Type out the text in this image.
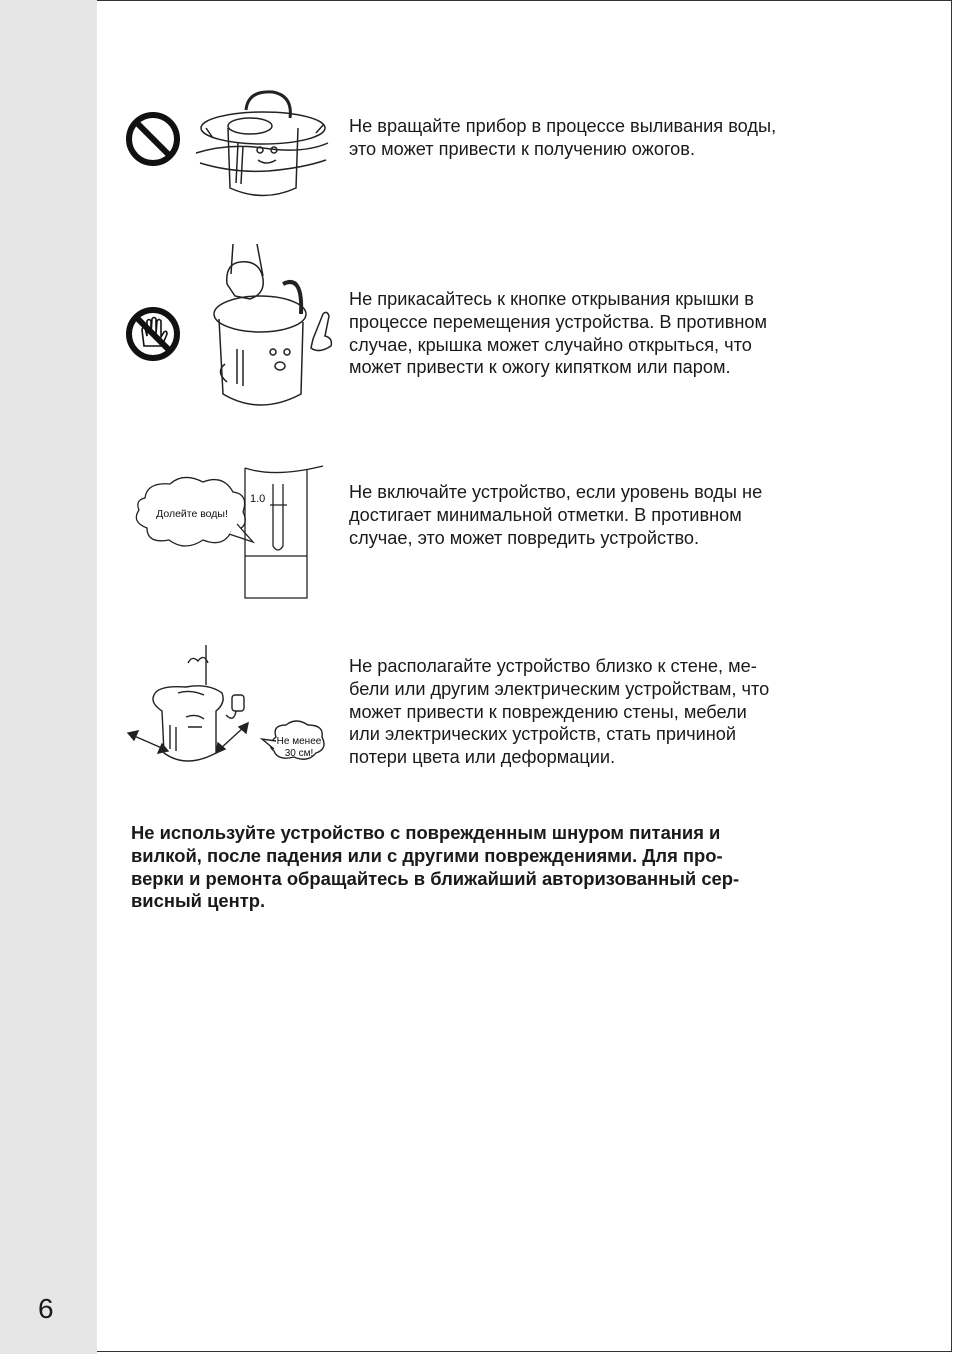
6
Не вращайте прибор в процессе выливания воды,
это может привести к получению ожогов.
Не прикасайтесь к кнопке открывания крышки в
процессе перемещения устройства. В противном
случае, крышка может случайно открыться, что
может привести к ожогу кипятком или паром.
Долейте воды!
1.0	Не включайте устройство, если уровень воды не
достигает минимальной отметки. В противном
случае, это может повредить устройство.
Не менее
30 см!
Не располагайте устройство близко к стене, ме-
бели или другим электрическим устройствам, что
может привести к повреждению стены, мебели
или электрических устройств, стать причиной
потери цвета или деформации.
Не используйте устройство с поврежденным шнуром питания и
вилкой, после падения или с другими повреждениями. Для про-
верки и ремонта обращайтесь в ближайший авторизованный сер-
висный центр.
